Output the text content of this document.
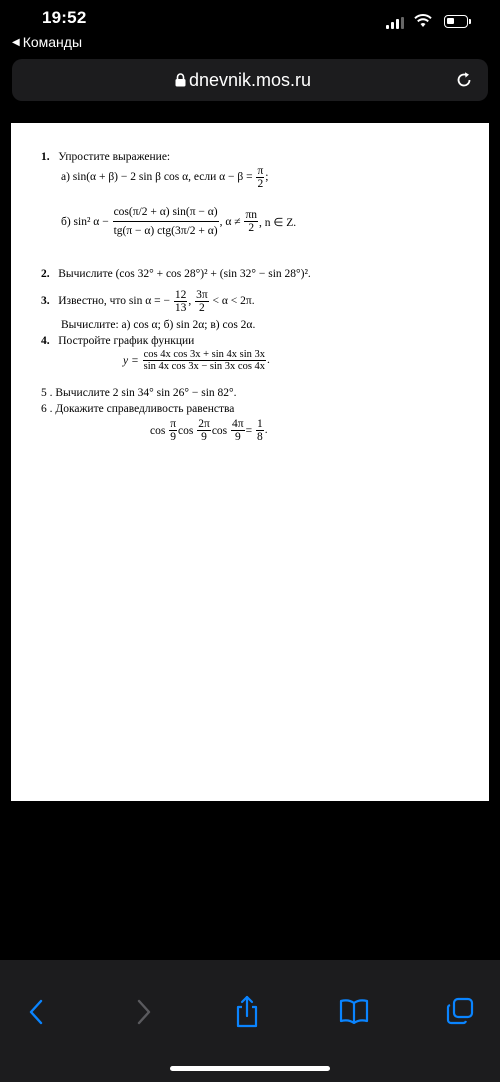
19:52
◀ Команды
dnevnik.mos.ru
1. Упростите выражение:
а) sin(α + β) − 2 sin β cos α, если $\alpha - \beta = \frac{\pi}{2}$ ;
б) sin² $\alpha - \frac{\cos(\pi/2 + \alpha) \sin(\pi - \alpha)}{\text{tg(π − α) ctg(3π/2 + α)}}$ , $\alpha \ne \frac{\pi n}{2}$ , n ∈ Z.
2. Вычислите (cos 32° + cos 28°)² + (sin 32° − sin 28°)².
3. Известно, что sin α = − $\frac{12}{13}$ , $\frac{3\pi}{2} < \alpha < 2\pi$.
Вычислите: а) cos α; б) sin 2α; в) cos 2α.
4. Постройте график функции
$y = \frac{\text{cos 4x cos 3x + sin 4x sin 3x}}{\text{sin 4x cos 3x − sin 3x cos 4x}}$ .
5 . Вычислите 2 sin 34° sin 26° − sin 82°.
6 . Докажите справедливость равенства
$\cos \frac{\pi}{9}$ $\cos \frac{2\pi}{9}$ $\cos \frac{4\pi}{9} = \frac{1}{8}$ .
